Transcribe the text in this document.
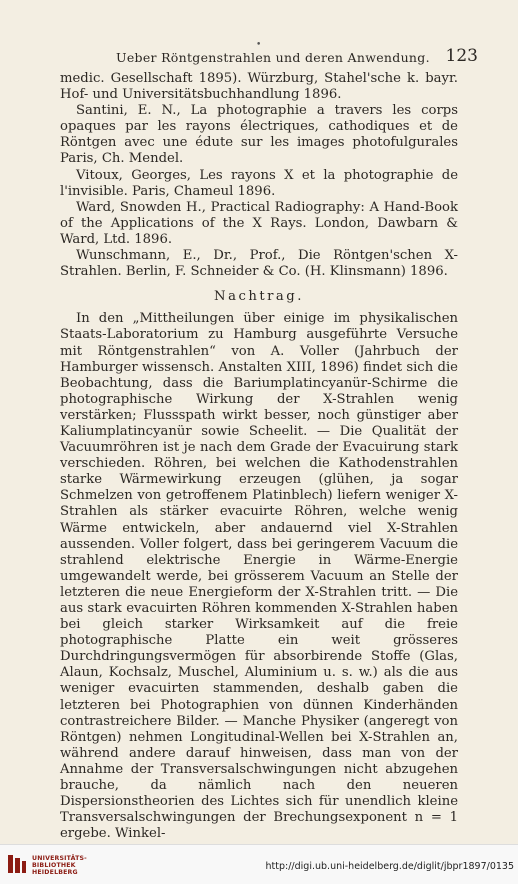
•
Ueber Röntgenstrahlen und deren Anwendung. 123

medic. Gesellschaft 1895). Würzburg, Stahel'sche k. bayr. Hof- und Universitätsbuchhandlung 1896.

Santini, E. N., La photographie a travers les corps opaques par les rayons électriques, cathodiques et de Röntgen avec une édute sur les images photofulgurales Paris, Ch. Mendel.

Vitoux, Georges, Les rayons X et la photographie de l'invisible. Paris, Chameul 1896.

Ward, Snowden H., Practical Radiography: A Hand-Book of the Applications of the X Rays. London, Dawbarn & Ward, Ltd. 1896.

Wunschmann, E., Dr., Prof., Die Röntgen'schen X-Strahlen. Berlin, F. Schneider & Co. (H. Klinsmann) 1896.

Nachtrag.

In den „Mittheilungen über einige im physikalischen Staats-Laboratorium zu Hamburg ausgeführte Versuche mit Röntgenstrahlen“ von A. Voller (Jahrbuch der Hamburger wissensch. Anstalten XIII, 1896) findet sich die Beobachtung, dass die Bariumplatincyanür-Schirme die photographische Wirkung der X-Strahlen wenig verstärken; Flussspath wirkt besser, noch günstiger aber Kaliumplatincyanür sowie Scheelit. — Die Qualität der Vacuumröhren ist je nach dem Grade der Evacuirung stark verschieden. Röhren, bei welchen die Kathodenstrahlen starke Wärmewirkung erzeugen (glühen, ja sogar Schmelzen von getroffenem Platinblech) liefern weniger X-Strahlen als stärker evacuirte Röhren, welche wenig Wärme entwickeln, aber andauernd viel X-Strahlen aussenden. Voller folgert, dass bei geringerem Vacuum die strahlend elektrische Energie in Wärme-Energie umgewandelt werde, bei grösserem Vacuum an Stelle der letzteren die neue Energieform der X-Strahlen tritt. — Die aus stark evacuirten Röhren kommenden X-Strahlen haben bei gleich starker Wirksamkeit auf die freie photographische Platte ein weit grösseres Durchdringungsvermögen für absorbirende Stoffe (Glas, Alaun, Kochsalz, Muschel, Aluminium u. s. w.) als die aus weniger evacuirten stammenden, deshalb gaben die letzteren bei Photographien von dünnen Kinderhänden contrastreichere Bilder. — Manche Physiker (angeregt von Röntgen) nehmen Longitudinal-Wellen bei X-Strahlen an, während andere darauf hinweisen, dass man von der Annahme der Transversalschwingungen nicht abzugehen brauche, da nämlich nach den neueren Dispersionstheorien des Lichtes sich für unendlich kleine Transversalschwingungen der Brechungsexponent n = 1 ergebe. Winkel-

UNIVERSITÄTS-
BIBLIOTHEK
HEIDELBERG
http://digi.ub.uni-heidelberg.de/diglit/jbpr1897/0135
